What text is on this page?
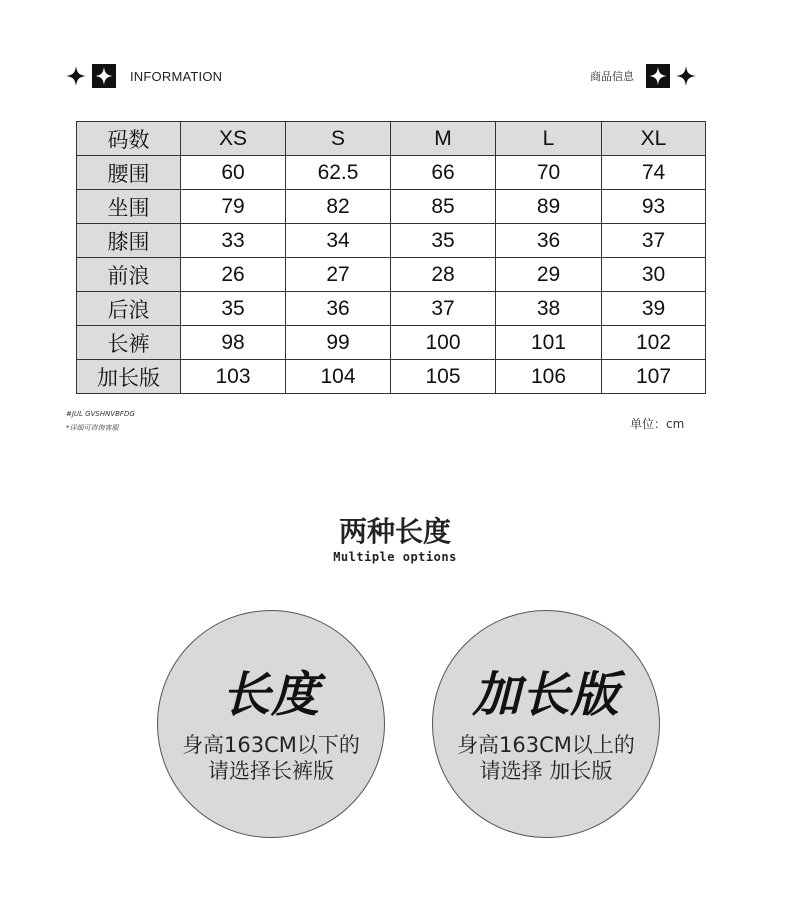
INFORMATION	商品信息
码数	XS	S	M	L	XL
腰围	60	62.5	66	70	74
坐围	79	82	85	89	93
膝围	33	34	35	36	37
前浪	26	27	28	29	30
后浪	35	36	37	38	39
长裤	98	99	100	101	102
加长版	103	104	105	106	107
#JUL GVSHNVBFDG
*详细可咨询客服	单位：cm
两种长度
Multiple options
长度
身高163CM以下的
请选择长裤版
加长版
身高163CM以上的
请选择 加长版
